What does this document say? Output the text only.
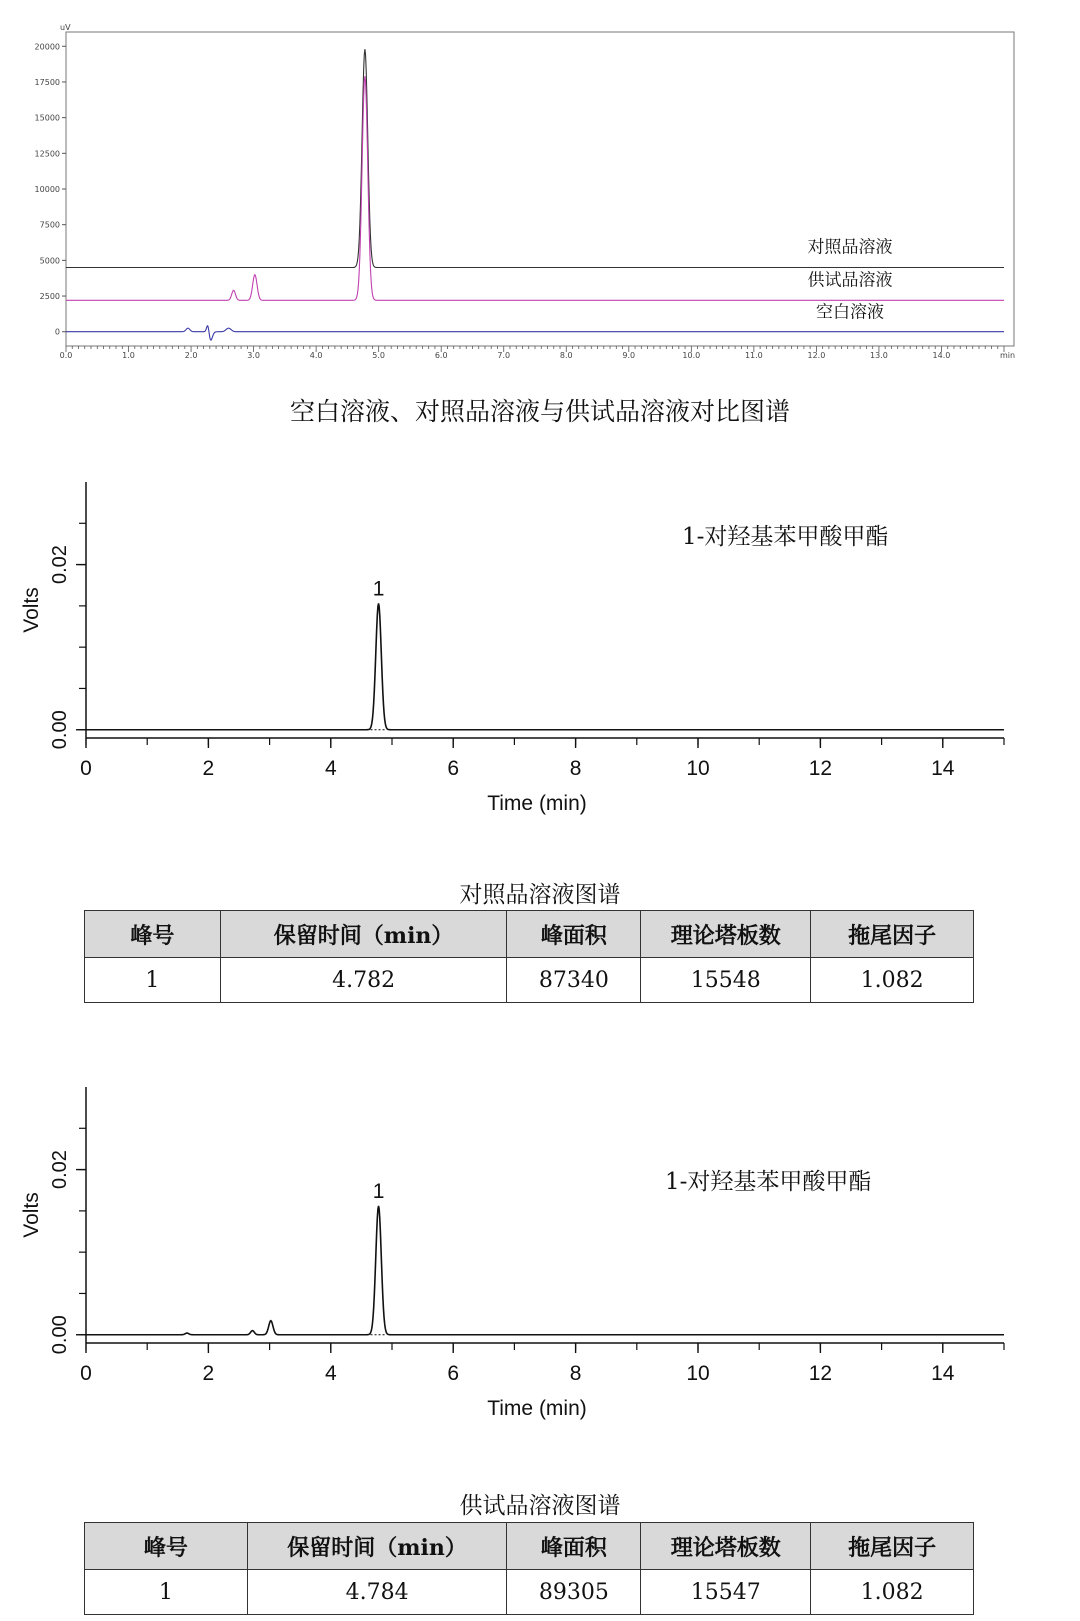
0
2500
5000
7500
10000
12500
15000
17500
20000
0.0	1.0	2.0	3.0	4.0	5.0	6.0	7.0	8.0	9.0	10.0	11.0	12.0	13.0	14.0
uV
min
对照品溶液
供试品溶液
空白溶液
空白溶液、对照品溶液与供试品溶液对比图谱
0.00
0.02
0	2	4	6	8	10	12	14
Time (min)
Volts
1-对羟基苯甲酸甲酯
1
对照品溶液图谱
峰号	保留时间（min）	峰面积	理论塔板数	拖尾因子
1	4.782	87340	15548	1.082
0.00
0.02
0	2	4	6	8	10	12	14
Time (min)
Volts
1-对羟基苯甲酸甲酯
1
供试品溶液图谱
峰号	保留时间（min）	峰面积	理论塔板数	拖尾因子
1	4.784	89305	15547	1.082
